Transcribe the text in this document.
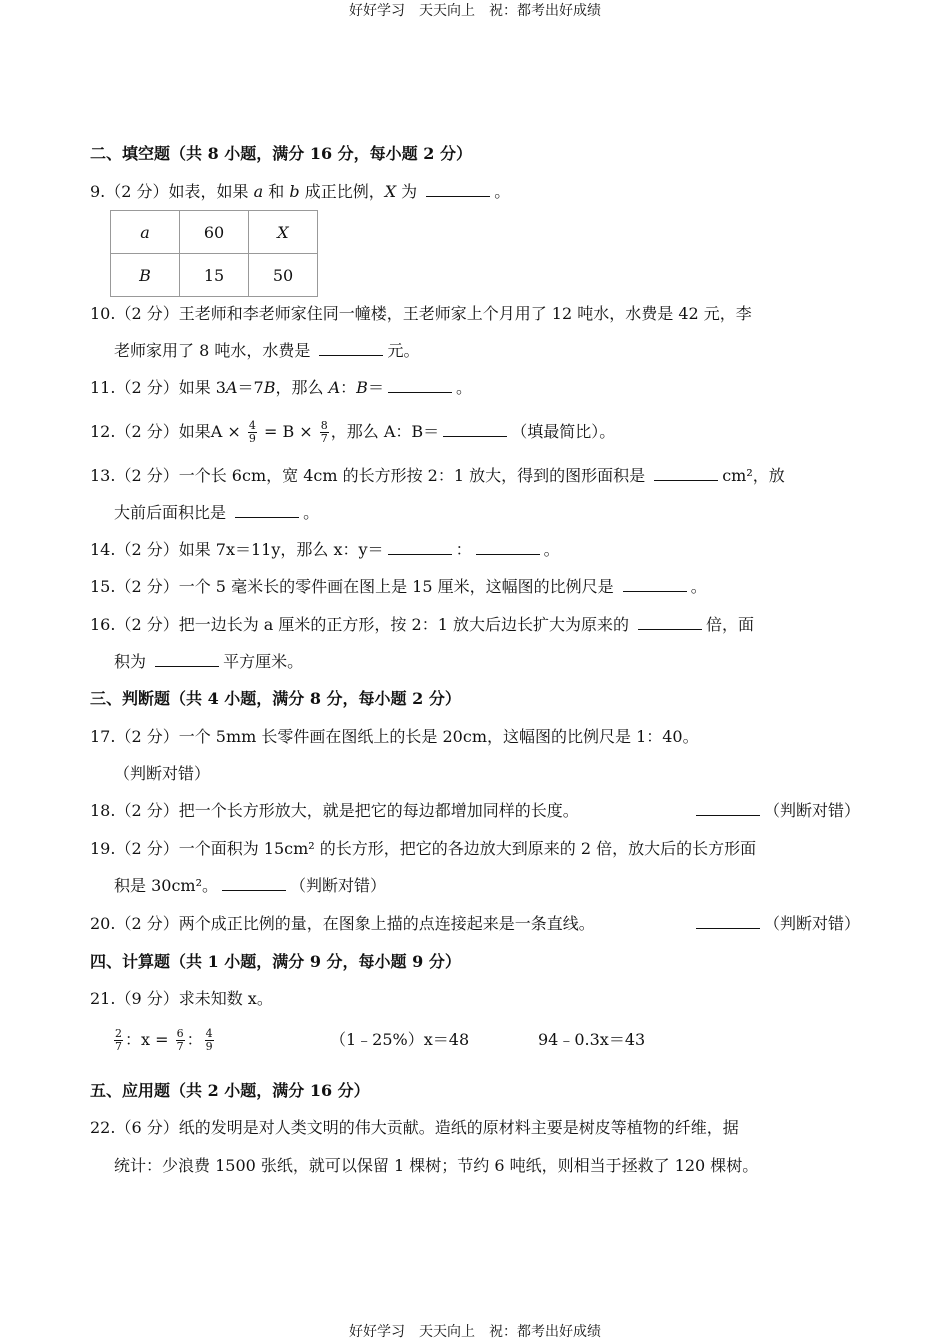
好好学习　天天向上　祝：都考出好成绩
二、填空题（共 8 小题，满分 16 分，每小题 2 分）
9.（2 分）如表，如果 a 和 b 成正比例，X 为	。
a	60	X
B	15	50
10.（2 分）王老师和李老师家住同一幢楼，王老师家上个月用了 12 吨水，水费是 42 元，李
老师家用了 8 吨水，水费是	元。
11.（2 分）如果 3A＝7B，那么 A：B＝	。
12.（2 分）如果$A \times \frac{4}{9} = B \times \frac{8}{7}$ ，那么 A：B＝	（填最简比）。
13.（2 分）一个长 6cm，宽 4cm 的长方形按 2：1 放大，得到的图形面积是	cm²，放
大前后面积比是	。
14.（2 分）如果 7x＝11y，那么 x：y＝	：	。
15.（2 分）一个 5 毫米长的零件画在图上是 15 厘米，这幅图的比例尺是	。
16.（2 分）把一边长为 a 厘米的正方形，按 2：1 放大后边长扩大为原来的	倍，面
积为	平方厘米。
三、判断题（共 4 小题，满分 8 分，每小题 2 分）
17.（2 分）一个 5mm 长零件画在图纸上的长是 20cm，这幅图的比例尺是 1：40。
（判断对错）
18.（2 分）把一个长方形放大，就是把它的每边都增加同样的长度。	（判断对错）
19.（2 分）一个面积为 15cm² 的长方形，把它的各边放大到原来的 2 倍，放大后的长方形面
积是 30cm²。	（判断对错）
20.（2 分）两个成正比例的量，在图象上描的点连接起来是一条直线。	（判断对错）
四、计算题（共 1 小题，满分 9 分，每小题 9 分）
21.（9 分）求未知数 x。
$\frac{2}{7}$ ：$x = \frac{6}{7}$ ： $\frac{4}{9}$	（1﹣25%）x＝48	94﹣0.3x＝43
五、应用题（共 2 小题，满分 16 分）
22.（6 分）纸的发明是对人类文明的伟大贡献。造纸的原材料主要是树皮等植物的纤维，据
统计：少浪费 1500 张纸，就可以保留 1 棵树；节约 6 吨纸，则相当于拯救了 120 棵树。
好好学习　天天向上　祝：都考出好成绩
